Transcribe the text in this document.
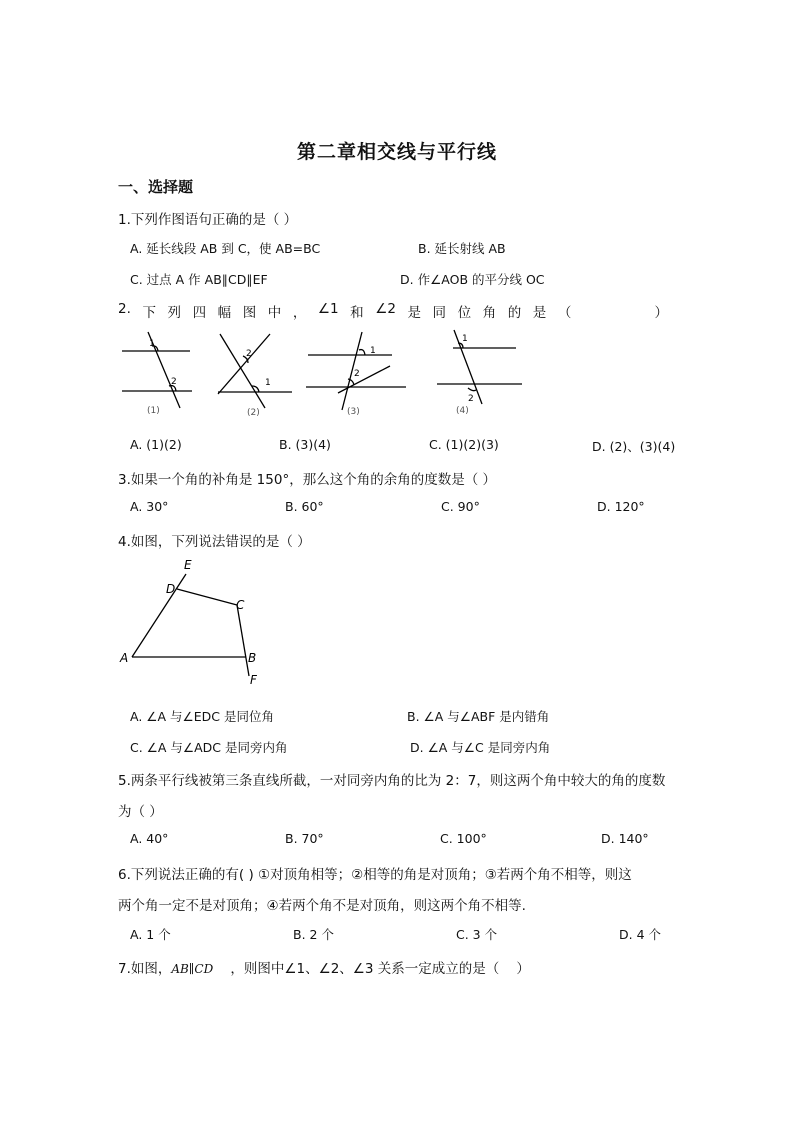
第二章相交线与平行线
一、选择题
1.下列作图语句正确的是（ ）
A. 延长线段 AB 到 C，使 AB=BC	B. 延长射线 AB
C. 过点 A 作 AB∥CD∥EF	D. 作∠AOB 的平分线 OC
2. 下 列 四 幅 图 中 ， ∠1 和 ∠2 是 同 位 角 的 是 （	）
1
2
2
1
1
2
1
2
(1)	(2)	(3)	(4)
A. (1)(2)	B. (3)(4)	C. (1)(2)(3)	D. (2)、(3)(4)
3.如果一个角的补角是 150°，那么这个角的余角的度数是（ ）
A. 30°	B. 60°	C. 90°	D. 120°
4.如图，下列说法错误的是（ ）
E
D
C
A	B
F
A. ∠A 与∠EDC 是同位角	B. ∠A 与∠ABF 是内错角
C. ∠A 与∠ADC 是同旁内角	D. ∠A 与∠C 是同旁内角
5.两条平行线被第三条直线所截，一对同旁内角的比为 2：7，则这两个角中较大的角的度数
为（ ）
A. 40°	B. 70°	C. 100°	D. 140°
6.下列说法正确的有( ) ①对顶角相等；②相等的角是对顶角；③若两个角不相等，则这
两个角一定不是对顶角；④若两个角不是对顶角，则这两个角不相等.
A. 1 个	B. 2 个	C. 3 个	D. 4 个
7.如图，AB∥CD    ，则图中∠1、∠2、∠3 关系一定成立的是（    ）
